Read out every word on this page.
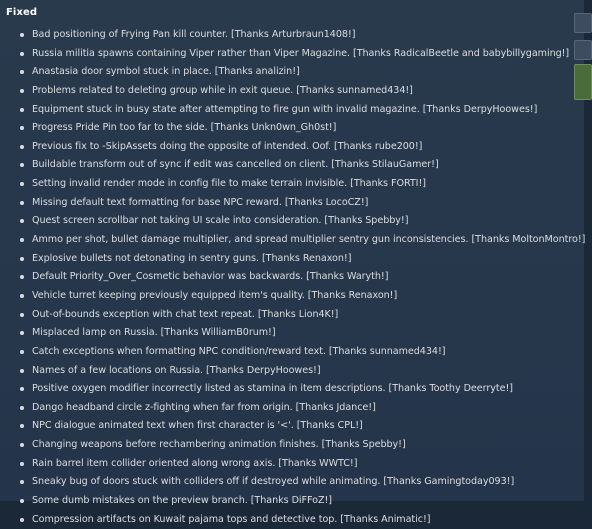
Fixed
Bad positioning of Frying Pan kill counter. [Thanks Arturbraun1408!]
Russia militia spawns containing Viper rather than Viper Magazine. [Thanks RadicalBeetle and babybillygaming!]
Anastasia door symbol stuck in place. [Thanks analizin!]
Problems related to deleting group while in exit queue. [Thanks sunnamed434!]
Equipment stuck in busy state after attempting to fire gun with invalid magazine. [Thanks DerpyHoowes!]
Progress Pride Pin too far to the side. [Thanks Unkn0wn_Gh0st!]
Previous fix to -SkipAssets doing the opposite of intended. Oof. [Thanks rube200!]
Buildable transform out of sync if edit was cancelled on client. [Thanks StilauGamer!]
Setting invalid render mode in config file to make terrain invisible. [Thanks FORTI!]
Missing default text formatting for base NPC reward. [Thanks LocoCZ!]
Quest screen scrollbar not taking UI scale into consideration. [Thanks Spebby!]
Ammo per shot, bullet damage multiplier, and spread multiplier sentry gun inconsistencies. [Thanks MoltonMontro!]
Explosive bullets not detonating in sentry guns. [Thanks Renaxon!]
Default Priority_Over_Cosmetic behavior was backwards. [Thanks Waryth!]
Vehicle turret keeping previously equipped item's quality. [Thanks Renaxon!]
Out-of-bounds exception with chat text repeat. [Thanks Lion4K!]
Misplaced lamp on Russia. [Thanks WilliamB0rum!]
Catch exceptions when formatting NPC condition/reward text. [Thanks sunnamed434!]
Names of a few locations on Russia. [Thanks DerpyHoowes!]
Positive oxygen modifier incorrectly listed as stamina in item descriptions. [Thanks Toothy Deerryte!]
Dango headband circle z-fighting when far from origin. [Thanks Jdance!]
NPC dialogue animated text when first character is '<'. [Thanks CPL!]
Changing weapons before rechambering animation finishes. [Thanks Spebby!]
Rain barrel item collider oriented along wrong axis. [Thanks WWTC!]
Sneaky bug of doors stuck with colliders off if destroyed while animating. [Thanks Gamingtoday093!]
Some dumb mistakes on the preview branch. [Thanks DiFFoZ!]
Compression artifacts on Kuwait pajama tops and detective top. [Thanks Animatic!]
